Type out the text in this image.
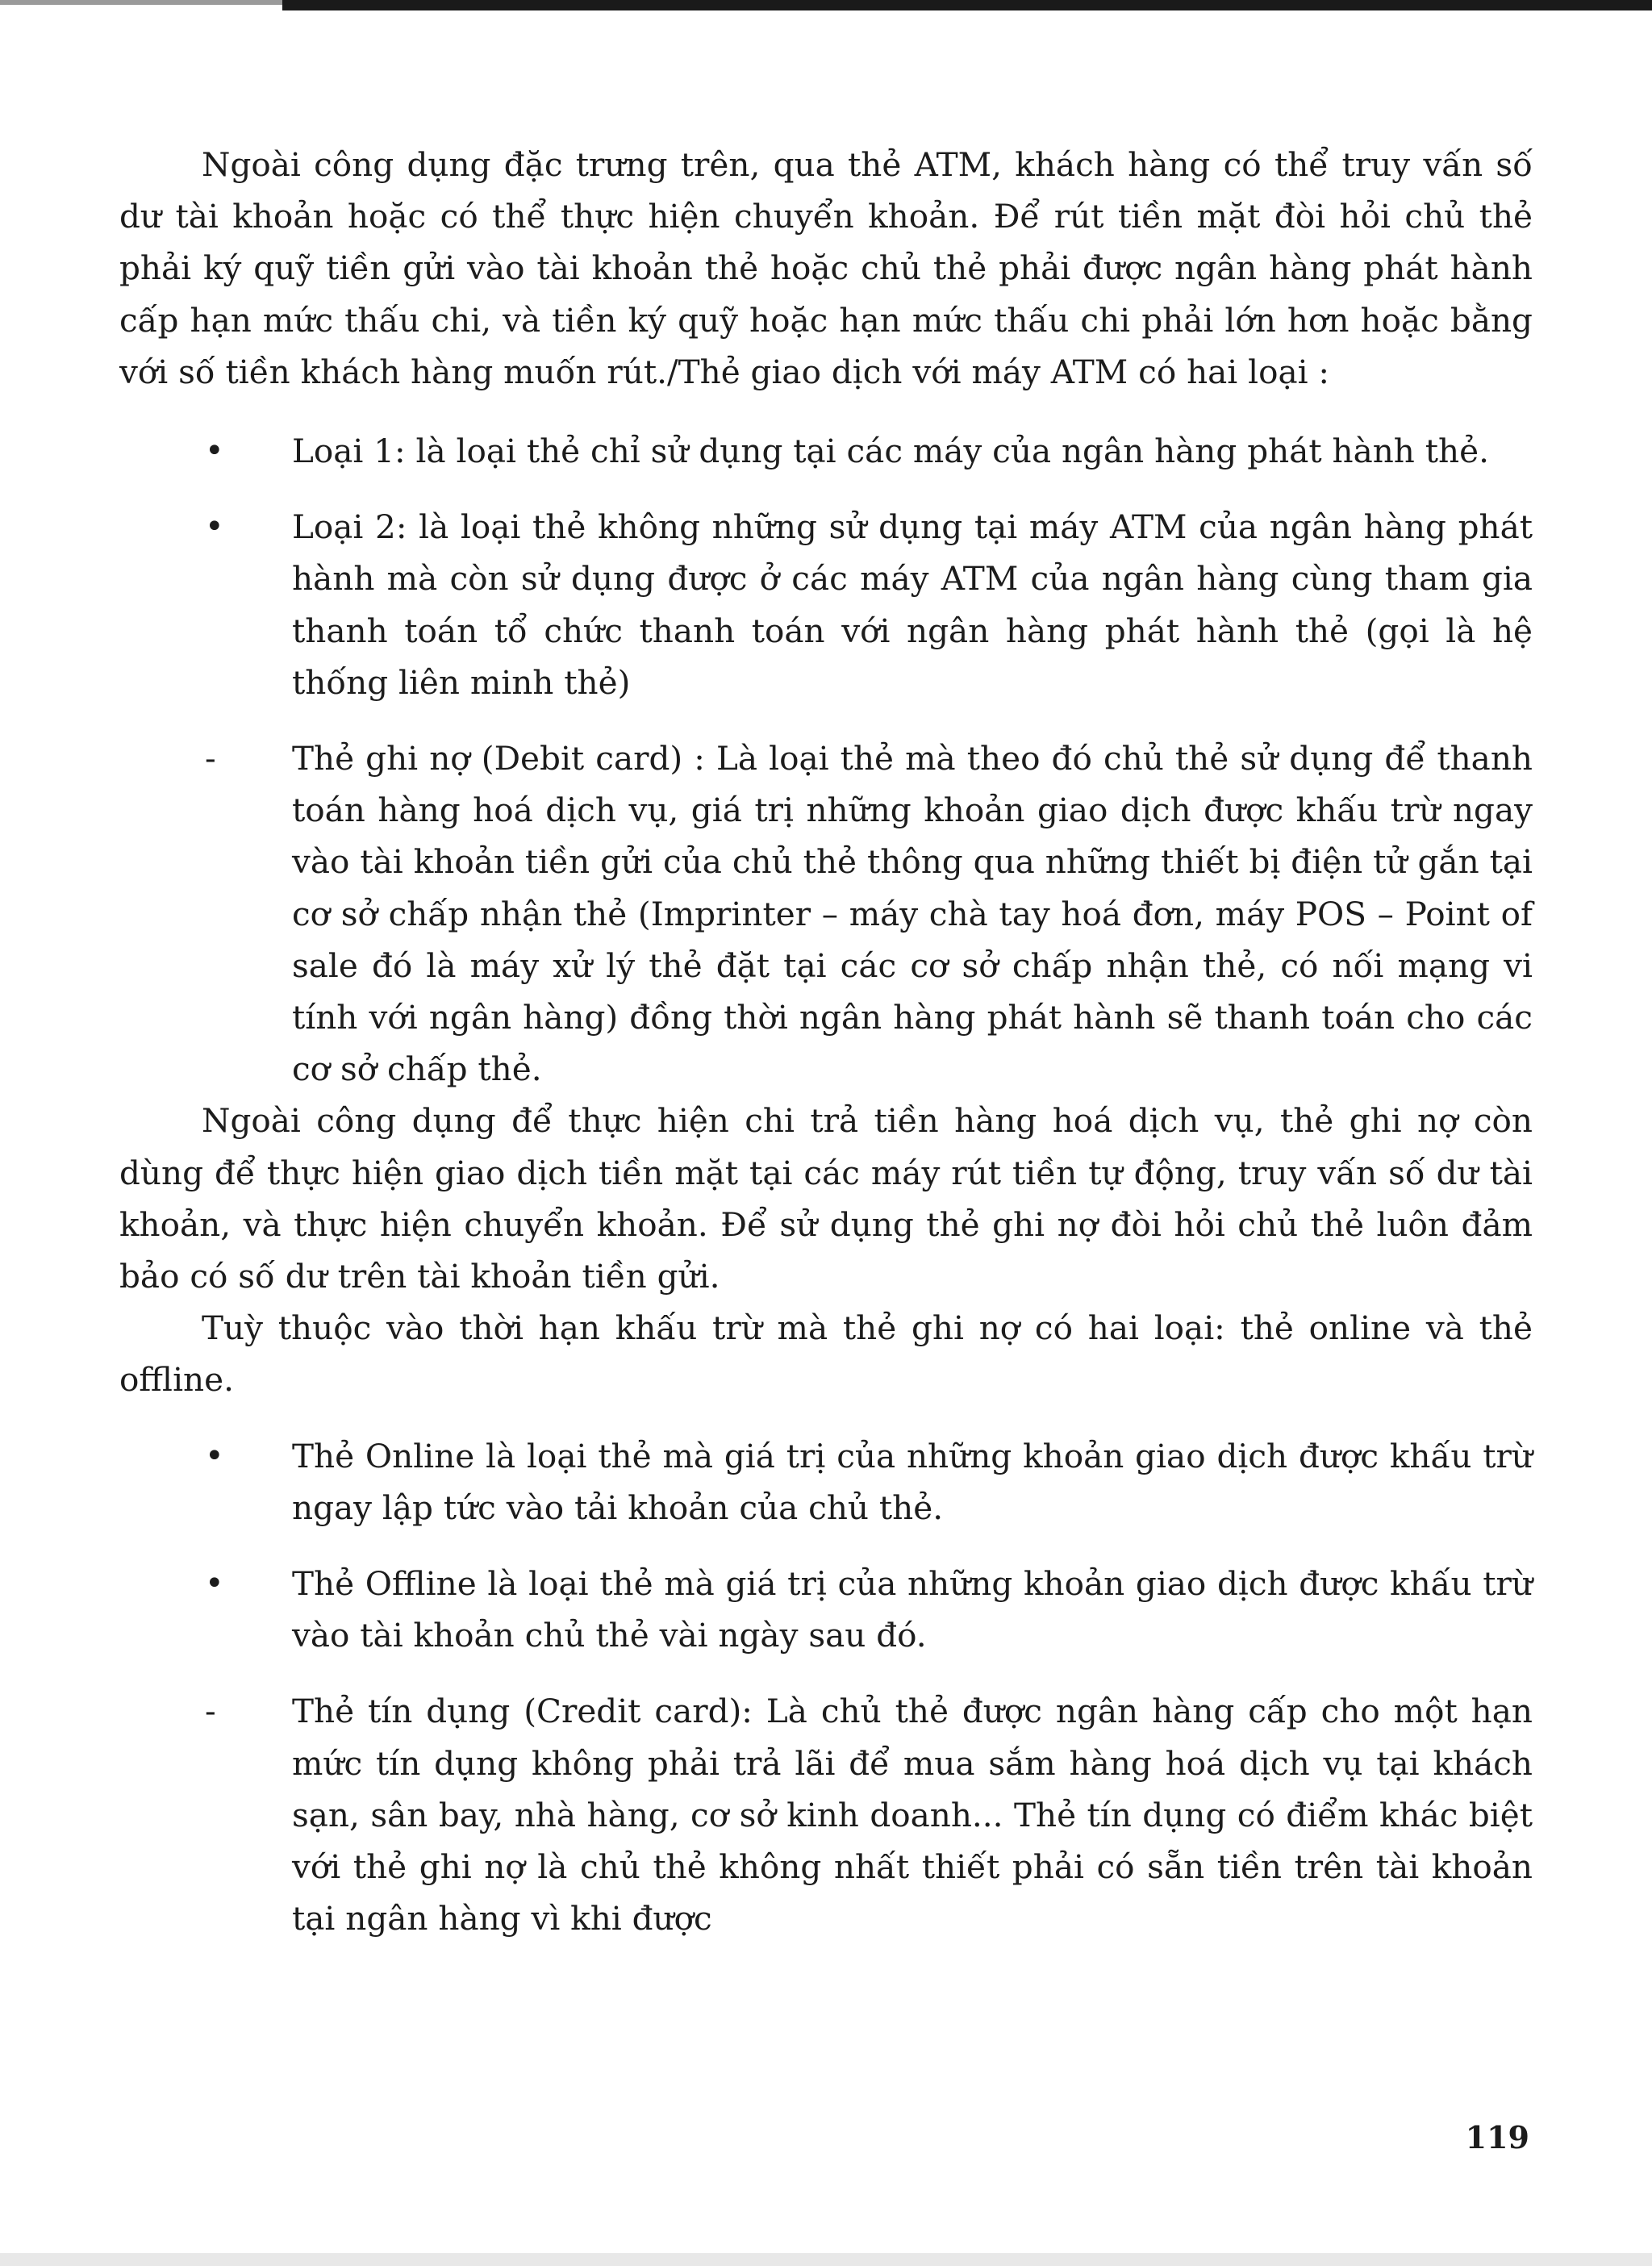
Ngoài công dụng đặc trưng trên, qua thẻ ATM, khách hàng có thể truy vấn số dư tài khoản hoặc có thể thực hiện chuyển khoản. Để rút tiền mặt đòi hỏi chủ thẻ phải ký quỹ tiền gửi vào tài khoản thẻ hoặc chủ thẻ phải được ngân hàng phát hành cấp hạn mức thấu chi, và tiền ký quỹ hoặc hạn mức thấu chi phải lớn hơn hoặc bằng với số tiền khách hàng muốn rút./Thẻ giao dịch với máy ATM có hai loại :

•	Loại 1: là loại thẻ chỉ sử dụng tại các máy của ngân hàng phát hành thẻ.
•	Loại 2: là loại thẻ không những sử dụng tại máy ATM của ngân hàng phát hành mà còn sử dụng được ở các máy ATM của ngân hàng cùng tham gia thanh toán tổ chức thanh toán với ngân hàng phát hành thẻ (gọi là hệ thống liên minh thẻ)
-	Thẻ ghi nợ (Debit card) : Là loại thẻ mà theo đó chủ thẻ sử dụng để thanh toán hàng hoá dịch vụ, giá trị những khoản giao dịch được khấu trừ ngay vào tài khoản tiền gửi của chủ thẻ thông qua những thiết bị điện tử gắn tại cơ sở chấp nhận thẻ (Imprinter – máy chà tay hoá đơn, máy POS – Point of sale đó là máy xử lý thẻ đặt tại các cơ sở chấp nhận thẻ, có nối mạng vi tính với ngân hàng) đồng thời ngân hàng phát hành sẽ thanh toán cho các cơ sở chấp thẻ.

Ngoài công dụng để thực hiện chi trả tiền hàng hoá dịch vụ, thẻ ghi nợ còn dùng để thực hiện giao dịch tiền mặt tại các máy rút tiền tự động, truy vấn số dư tài khoản, và thực hiện chuyển khoản. Để sử dụng thẻ ghi nợ đòi hỏi chủ thẻ luôn đảm bảo có số dư trên tài khoản tiền gửi.

Tuỳ thuộc vào thời hạn khấu trừ mà thẻ ghi nợ có hai loại: thẻ online và thẻ offline.

•	Thẻ Online là loại thẻ mà giá trị của những khoản giao dịch được khấu trừ ngay lập tức vào tải khoản của chủ thẻ.
•	Thẻ Offline là loại thẻ mà giá trị của những khoản giao dịch được khấu trừ vào tài khoản chủ thẻ vài ngày sau đó.
-	Thẻ tín dụng (Credit card): Là chủ thẻ được ngân hàng cấp cho một hạn mức tín dụng không phải trả lãi để mua sắm hàng hoá dịch vụ tại khách sạn, sân bay, nhà hàng, cơ sở kinh doanh... Thẻ tín dụng có điểm khác biệt với thẻ ghi nợ là chủ thẻ không nhất thiết phải có sẵn tiền trên tài khoản tại ngân hàng vì khi được
119
